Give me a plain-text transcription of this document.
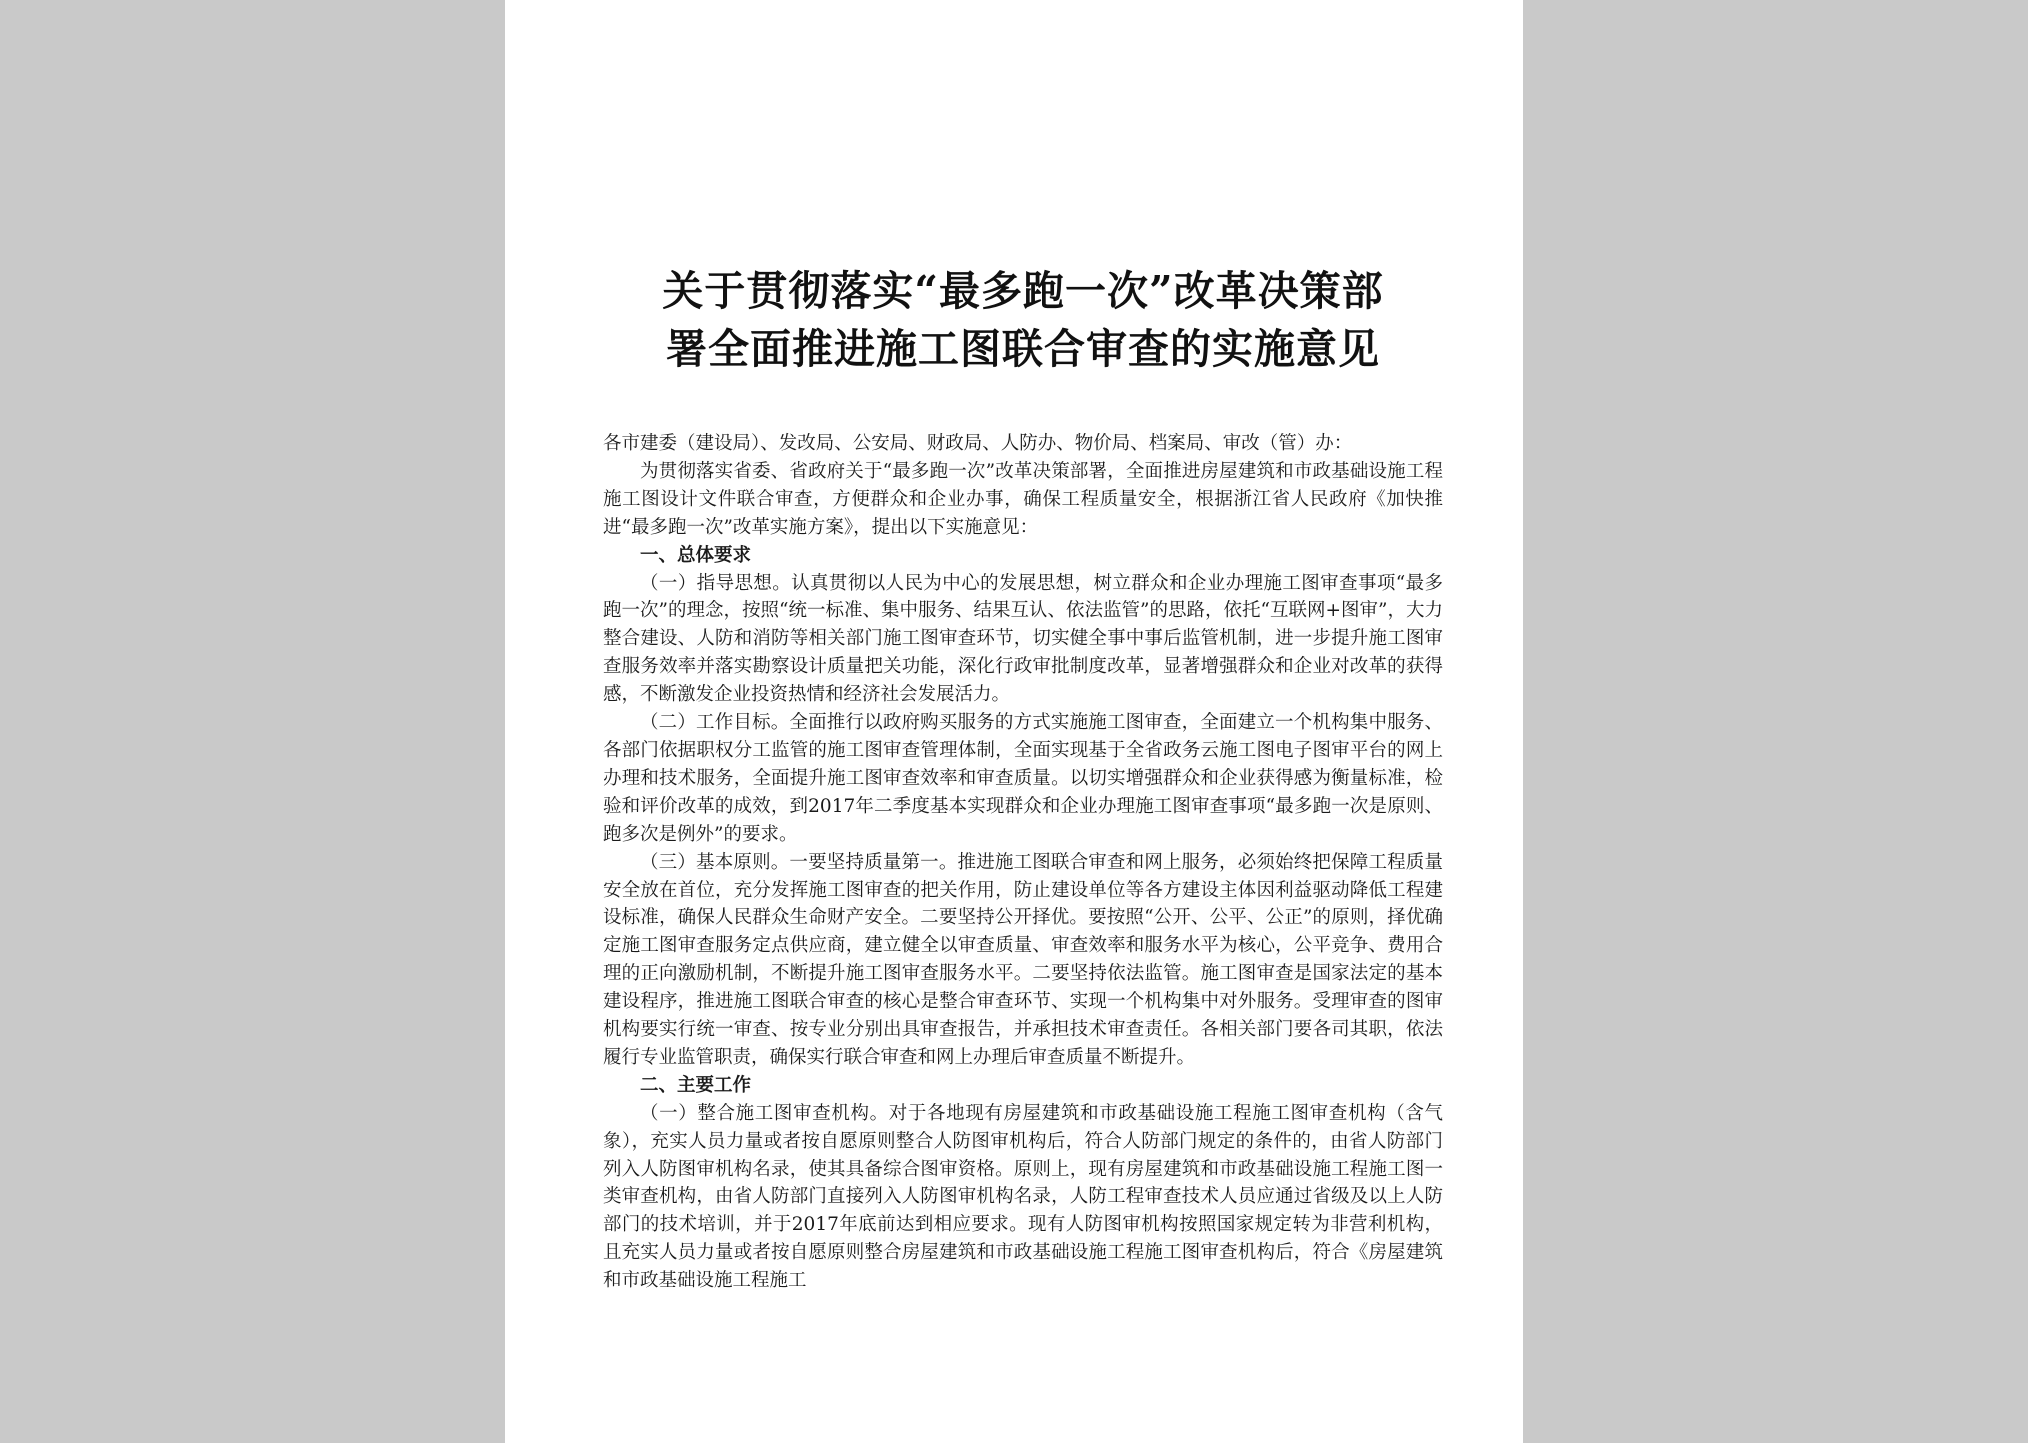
关于贯彻落实“最多跑一次”改革决策部
署全面推进施工图联合审查的实施意见

各市建委（建设局）、发改局、公安局、财政局、人防办、物价局、档案局、审改（管）办：

为贯彻落实省委、省政府关于“最多跑一次”改革决策部署，全面推进房屋建筑和市政基础设施工程施工图设计文件联合审查，方便群众和企业办事，确保工程质量安全，根据浙江省人民政府《加快推进“最多跑一次”改革实施方案》，提出以下实施意见：

一、总体要求

（一）指导思想。认真贯彻以人民为中心的发展思想，树立群众和企业办理施工图审查事项“最多跑一次”的理念，按照“统一标准、集中服务、结果互认、依法监管”的思路，依托“互联网+图审”，大力整合建设、人防和消防等相关部门施工图审查环节，切实健全事中事后监管机制，进一步提升施工图审查服务效率并落实勘察设计质量把关功能，深化行政审批制度改革，显著增强群众和企业对改革的获得感，不断激发企业投资热情和经济社会发展活力。

（二）工作目标。全面推行以政府购买服务的方式实施施工图审查，全面建立一个机构集中服务、各部门依据职权分工监管的施工图审查管理体制，全面实现基于全省政务云施工图电子图审平台的网上办理和技术服务，全面提升施工图审查效率和审查质量。以切实增强群众和企业获得感为衡量标准，检验和评价改革的成效，到2017年二季度基本实现群众和企业办理施工图审查事项“最多跑一次是原则、跑多次是例外”的要求。

（三）基本原则。一要坚持质量第一。推进施工图联合审查和网上服务，必须始终把保障工程质量安全放在首位，充分发挥施工图审查的把关作用，防止建设单位等各方建设主体因利益驱动降低工程建设标准，确保人民群众生命财产安全。二要坚持公开择优。要按照“公开、公平、公正”的原则，择优确定施工图审查服务定点供应商，建立健全以审查质量、审查效率和服务水平为核心，公平竞争、费用合理的正向激励机制，不断提升施工图审查服务水平。二要坚持依法监管。施工图审查是国家法定的基本建设程序，推进施工图联合审查的核心是整合审查环节、实现一个机构集中对外服务。受理审查的图审机构要实行统一审查、按专业分别出具审查报告，并承担技术审查责任。各相关部门要各司其职，依法履行专业监管职责，确保实行联合审查和网上办理后审查质量不断提升。

二、主要工作

（一）整合施工图审查机构。对于各地现有房屋建筑和市政基础设施工程施工图审查机构（含气象），充实人员力量或者按自愿原则整合人防图审机构后，符合人防部门规定的条件的，由省人防部门列入人防图审机构名录，使其具备综合图审资格。原则上，现有房屋建筑和市政基础设施工程施工图一类审查机构，由省人防部门直接列入人防图审机构名录，人防工程审查技术人员应通过省级及以上人防部门的技术培训，并于2017年底前达到相应要求。现有人防图审机构按照国家规定转为非营利机构，且充实人员力量或者按自愿原则整合房屋建筑和市政基础设施工程施工图审查机构后，符合《房屋建筑和市政基础设施工程施工
